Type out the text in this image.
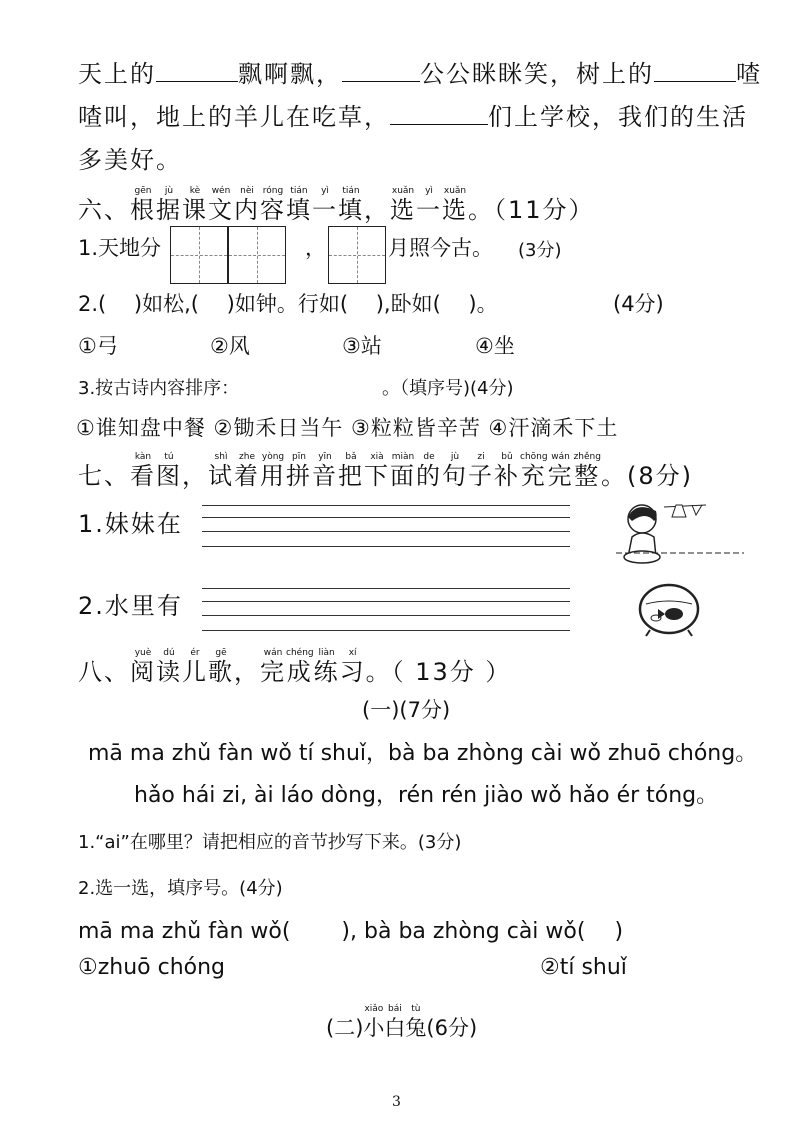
天上的	飘啊飘，	公公眯眯笑，树上的	喳
喳叫，地上的羊儿在吃草，	们上学校，我们的生活
多美好。

六、
gēn
根
jù
据
kè
课
wén
文
nèi
内
róng
容
tián
填
yì
一
tián
填
，
xuǎn
选
yì
一
xuǎn
选
。（11分）
1.天地分	，	月照今古。 (3分)
2.(　 )如松,(　 )如钟。行如(　 ),卧如(　 )。	(4分)
①弓	②风	③站	④坐
3.按古诗内容排序：	。（填序号)(4分)
①谁知盘中餐 ②锄禾日当午 ③粒粒皆辛苦 ④汗滴禾下土

七、
kàn
看
tú
图
，
shì
试
zhe
着
yòng
用
pīn
拼
yīn
音
bǎ
把
xià
下
miàn
面
de
的
jù
句
zi
子
bǔ
补
chōng
充
wán
完
zhěng
整
。(8分)
1.妹妹在
2.水里有

八、
yuè
阅
dú
读
ér
儿
gē
歌
，
wán
完
chéng
成
liàn
练
xí
习
。（ 13分 ）
(一)(7分)
mā ma zhǔ fàn wǒ tí shuǐ，bà ba zhòng cài wǒ zhuō chóng。
hǎo hái zi, ài láo dòng，rén rén jiào wǒ hǎo ér tóng。
1.“ai”在哪里？请把相应的音节抄写下来。(3分)
2.选一选，填序号。(4分)
mā ma zhǔ fàn wǒ(　 　), bà ba zhòng cài wǒ(　 )
①zhuō chóng	②tí shuǐ
(二)
xiǎo
小
bái
白
tù
兔 (6分)
3
